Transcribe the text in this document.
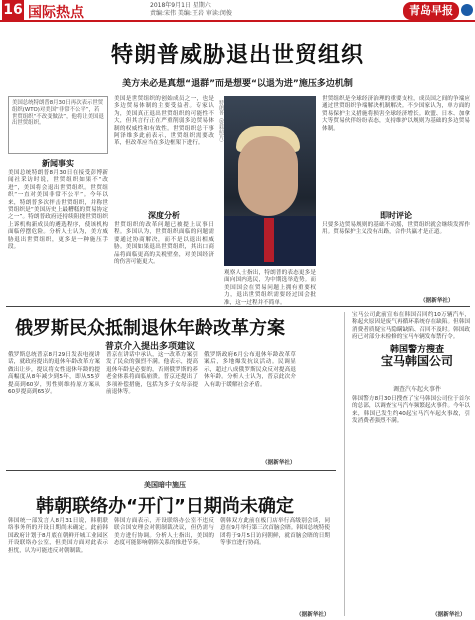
16 国际热点	2018年9月1日 星期六
责编:宋伟 美编:王岩 审读:闵俊	青岛早报
特朗普威胁退出世贸组织
美方未必是真想“退群”而是想要“以退为进”施压多边机制
美国总统特朗普8月30日再次表示世贸组织(WTO)对美国“非常不公平”，若世贸组织“不改变做法”，他将让美国退出世贸组织。
新闻事实
美国总统特朗普8月30日在接受彭博新闻社采访时说，世贸组织如果不“改进”，美国将会退出世贸组织。世贸组织“一直对美国非常不公平”。今年以来，特朗普多次抨击世贸组织，并称世贸组织是“美国历史上最糟糕的贸易协定之一”。特朗普政府还持续阻挠世贸组织上诉机构新成员的遴选程序，使该机构面临停摆危险。分析人士认为，美方威胁退出世贸组织，更多是一种施压手段。
美国是世贸组织的创始成员之一，也是多边贸易体制的主要受益者。专家认为，美国真正退出世贸组织的可能性不大，但其言行正在严重削弱多边贸易体制的权威性和有效性。世贸组织总干事阿泽维多此前表示，世贸组织需要改革，但改革应当在多边框架下进行。
深度分析
世贸组织的改革问题已被提上议事日程。多国认为，世贸组织面临的问题需要通过协商解决，而不是以退出相威胁。美国如果退出世贸组织，其出口商品将面临更高的关税壁垒，对美国经济的伤害可能更大。
特朗普（资料照片）
观察人士指出，特朗普的表态更多是面向国内选民，为中期选举造势。而美国国会在贸易问题上拥有重要权力，退出世贸组织需要经过国会批准，这一过程并不简单。
世贸组织是全球经济治理的重要支柱，成员国之间的争端应通过世贸组织争端解决机制解决。不少国家认为，单方面的贸易保护主义措施将损害全球经济增长。欧盟、日本、加拿大等贸易伙伴纷纷表态，支持维护以规则为基础的多边贸易体制。
即时评论
只要多边贸易规则的基础不动摇，世贸组织就会继续发挥作用。贸易保护主义没有出路，合作共赢才是正道。
（据新华社）
俄罗斯民众抵制退休年龄改革方案
普京介入提出多项建议
俄罗斯总统普京8月29日发表电视讲话，就政府提出的退休年龄改革方案做出让步，提议将女性退休年龄的提高幅度从8年减少到5年，即从55岁提高到60岁，男性则维持原方案从60岁提高到65岁。
普京在讲话中承认，这一改革方案引发了民众的强烈不满。他表示，提高退休年龄是必要的，否则俄罗斯的养老金体系将面临崩溃。普京还提出了多项补偿措施，包括为多子女母亲提前退休等。
俄罗斯政府6月公布退休年龄改革草案后，多地爆发抗议活动。民调显示，超过八成俄罗斯民众反对提高退休年龄。分析人士认为，普京此次介入有助于缓解社会矛盾。
（据新华社）
美国暗中施压
韩朝联络办“开门”日期尚未确定
韩国统一部发言人8月31日说，韩朝联络事务所的开设日期尚未确定。此前韩国政府计划于8月底在朝鲜开城工业园区开设联络办公室，但美国方面对此表示担忧，认为可能违反对朝制裁。
韩国方面表示，开设联络办公室不违反联合国安理会对朝制裁决议，但仍需与美方进行协调。分析人士指出，美国的态度可能影响朝韩关系的推进节奏。
朝韩双方此前在板门店举行高级别会谈，同意在9月举行第三次首脑会晤。韩国总统特使团将于9月5日访问朝鲜，就首脑会晤的日期等事宜进行协商。
（据新华社）
宝马公司此前宣布在韩国召回约10万辆汽车，称起火原因是废气再循环系统存在缺陷。但韩国消费者质疑宝马隐瞒缺陷、召回不及时。韩国政府已对部分未检修的宝马车辆发布禁行令。
韩国警方搜查
宝马韩国公司
调查汽车起火事件
韩国警方8月30日搜查了宝马韩国公司位于首尔的总部，以调查宝马汽车频繁起火事件。今年以来，韩国已发生约40起宝马汽车起火事故，引发消费者强烈不满。
（据新华社）
